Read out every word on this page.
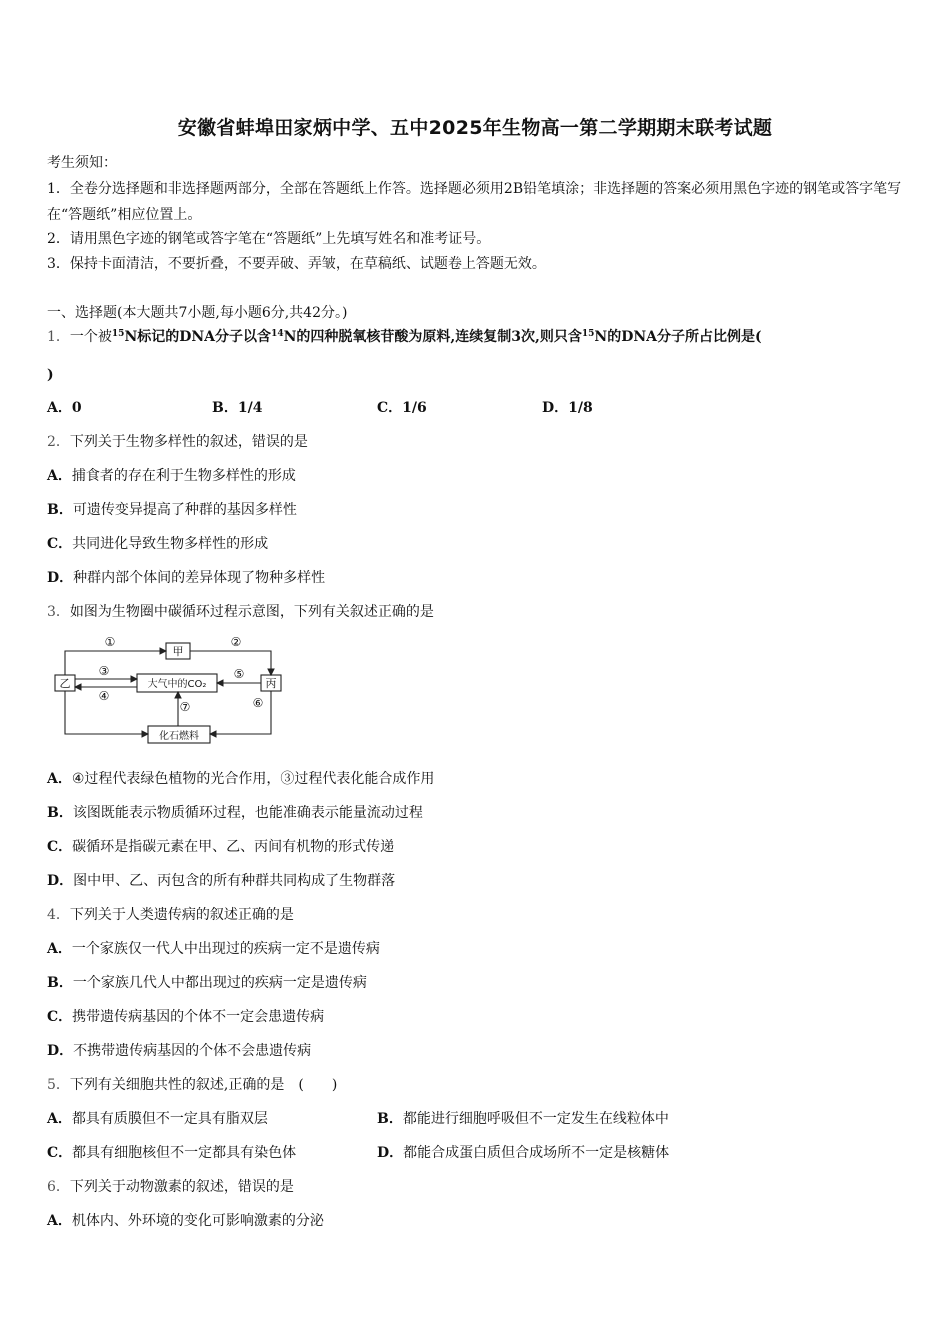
安徽省蚌埠田家炳中学、五中2025年生物高一第二学期期末联考试题
考生须知：
1．全卷分选择题和非选择题两部分，全部在答题纸上作答。选择题必须用2B铅笔填涂；非选择题的答案必须用黑色字迹的钢笔或答字笔写在“答题纸”相应位置上。
2．请用黑色字迹的钢笔或答字笔在“答题纸”上先填写姓名和准考证号。
3．保持卡面清洁，不要折叠，不要弄破、弄皱，在草稿纸、试题卷上答题无效。
一、选择题(本大题共7小题,每小题6分,共42分。)
1．一个被$^{15}$N标记的DNA分子以含$^{14}$N的四种脱氧核苷酸为原料,连续复制3次,则只含$^{15}$N的DNA分子所占比例是(
)
A．0	B．1/4	C．1/6	D．1/8
2．下列关于生物多样性的叙述，错误的是
A．捕食者的存在利于生物多样性的形成
B．可遗传变异提高了种群的基因多样性
C．共同进化导致生物多样性的形成
D．种群内部个体间的差异体现了物种多样性
3．如图为生物圈中碳循环过程示意图，下列有关叙述正确的是
甲
乙	丙
大气中的CO₂
化石燃料
①	②
③
④
⑤
⑥
⑦
A．④过程代表绿色植物的光合作用，③过程代表化能合成作用
B．该图既能表示物质循环过程，也能准确表示能量流动过程
C．碳循环是指碳元素在甲、乙、丙间有机物的形式传递
D．图中甲、乙、丙包含的所有种群共同构成了生物群落
4．下列关于人类遗传病的叙述正确的是
A．一个家族仅一代人中出现过的疾病一定不是遗传病
B．一个家族几代人中都出现过的疾病一定是遗传病
C．携带遗传病基因的个体不一定会患遗传病
D．不携带遗传病基因的个体不会患遗传病
5．下列有关细胞共性的叙述,正确的是　(　　)
A．都具有质膜但不一定具有脂双层	B．都能进行细胞呼吸但不一定发生在线粒体中
C．都具有细胞核但不一定都具有染色体	D．都能合成蛋白质但合成场所不一定是核糖体
6．下列关于动物激素的叙述，错误的是
A．机体内、外环境的变化可影响激素的分泌
